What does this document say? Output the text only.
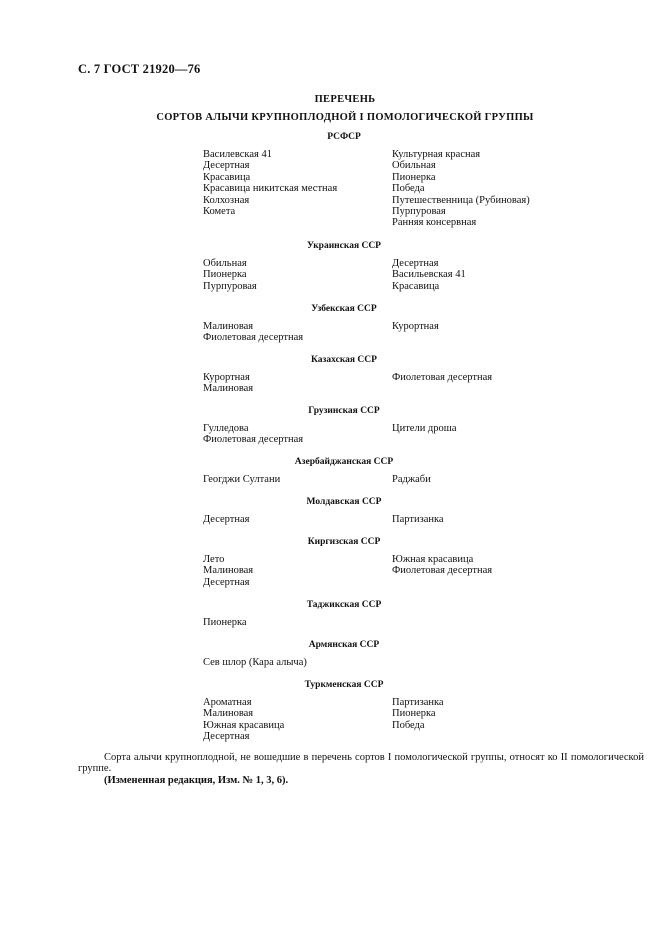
С. 7 ГОСТ 21920—76
ПЕРЕЧЕНЬ
СОРТОВ АЛЫЧИ КРУПНОПЛОДНОЙ I ПОМОЛОГИЧЕСКОЙ ГРУППЫ
РСФСР
Василевская 41
Десертная
Красавица
Красавица никитская местная
Колхозная
Комета
Культурная красная
Обильная
Пионерка
Победа
Путешественница (Рубиновая)
Пурпуровая
Ранняя консервная
Украинская ССР
Обильная
Пионерка
Пурпуровая
Десертная
Васильевская 41
Красавица
Узбекская ССР
Малиновая
Фиолетовая десертная
Курортная
Казахская ССР
Курортная
Малиновая
Фиолетовая десертная
Грузинская ССР
Гулледова
Фиолетовая десертная
Цители дроша
Азербайджанская ССР
Геогджи Султани	Раджаби
Молдавская ССР
Десертная	Партизанка
Киргизская ССР
Лето
Малиновая
Десертная
Южная красавица
Фиолетовая десертная
Таджикская ССР
Пионерка
Армянская ССР
Сев шлор (Кара алыча)
Туркменская ССР
Ароматная
Малиновая
Южная красавица
Десертная
Партизанка
Пионерка
Победа
Сорта алычи крупноплодной, не вошедшие в перечень сортов I помологической группы, относят ко II помологической группе.
(Измененная редакция, Изм. № 1, 3, 6).
